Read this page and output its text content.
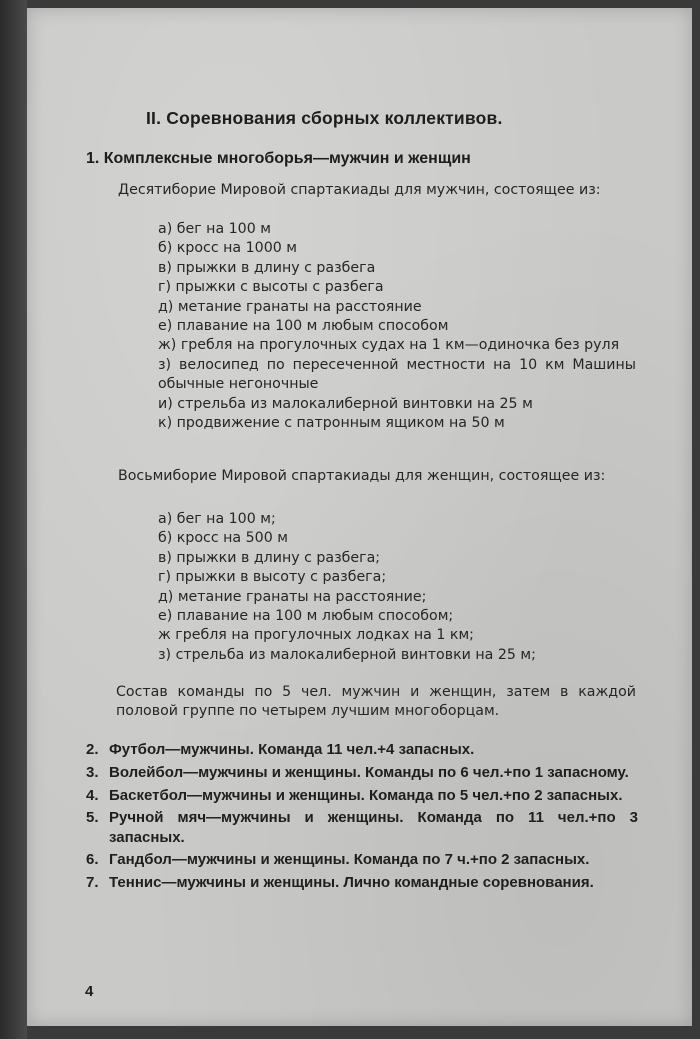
II. Соревнования сборных коллективов.
1. Комплексные многоборья—мужчин и женщин
Десятиборие Мировой спартакиады для мужчин, состоящее из:
а) бег на 100 м
б) кросс на 1000 м
в) прыжки в длину с разбега
г) прыжки с высоты с разбега
д) метание гранаты на расстояние
е) плавание на 100 м любым способом
ж) гребля на прогулочных судах на 1 км—одиночка без руля
з) велосипед по пересеченной местности на 10 км Машины обычные негоночные
и) стрельба из малокалиберной винтовки на 25 м
к) продвижение с патронным ящиком на 50 м
Восьмиборие Мировой спартакиады для женщин, состоящее из:
а) бег на 100 м;
б) кросс на 500 м
в) прыжки в длину с разбега;
г) прыжки в высоту с разбега;
д) метание гранаты на расстояние;
е) плавание на 100 м любым способом;
ж гребля на прогулочных лодках на 1 км;
з) стрельба из малокалиберной винтовки на 25 м;
Состав команды по 5 чел. мужчин и женщин, затем в каждой половой группе по четырем лучшим многоборцам.
2. Футбол—мужчины. Команда 11 чел.+4 запасных.
3. Волейбол—мужчины и женщины. Команды по 6 чел.+по 1 запасному.
4. Баскетбол—мужчины и женщины. Команда по 5 чел.+по 2 запасных.
5. Ручной мяч—мужчины и женщины. Команда по 11 чел.+по 3 запасных.
6. Гандбол—мужчины и женщины. Команда по 7 ч.+по 2 запасных.
7. Теннис—мужчины и женщины. Лично командные соревнования.
4
